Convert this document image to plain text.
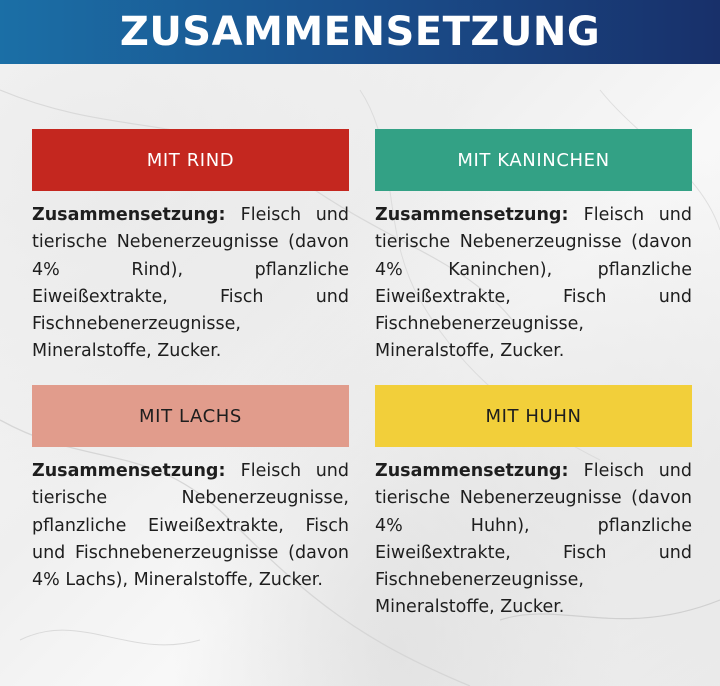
ZUSAMMENSETZUNG
MIT RIND
Zusammensetzung: Fleisch und tierische Nebenerzeugnisse (davon 4% Rind), pflanzliche Eiweißextrakte, Fisch und Fischnebenerzeugnisse, Mineralstoffe, Zucker.
MIT KANINCHEN
Zusammensetzung: Fleisch und tierische Nebenerzeugnisse (davon 4% Kaninchen), pflanzliche Eiweißextrakte, Fisch und Fischnebenerzeugnisse, Mineralstoffe, Zucker.
MIT LACHS
Zusammensetzung: Fleisch und tierische Nebenerzeugnisse, pflanzliche Eiweißextrakte, Fisch und Fischnebenerzeugnisse (davon 4% Lachs), Mineralstoffe, Zucker.
MIT HUHN
Zusammensetzung: Fleisch und tierische Nebenerzeugnisse (davon 4% Huhn), pflanzliche Eiweißextrakte, Fisch und Fischnebenerzeugnisse, Mineralstoffe, Zucker.
